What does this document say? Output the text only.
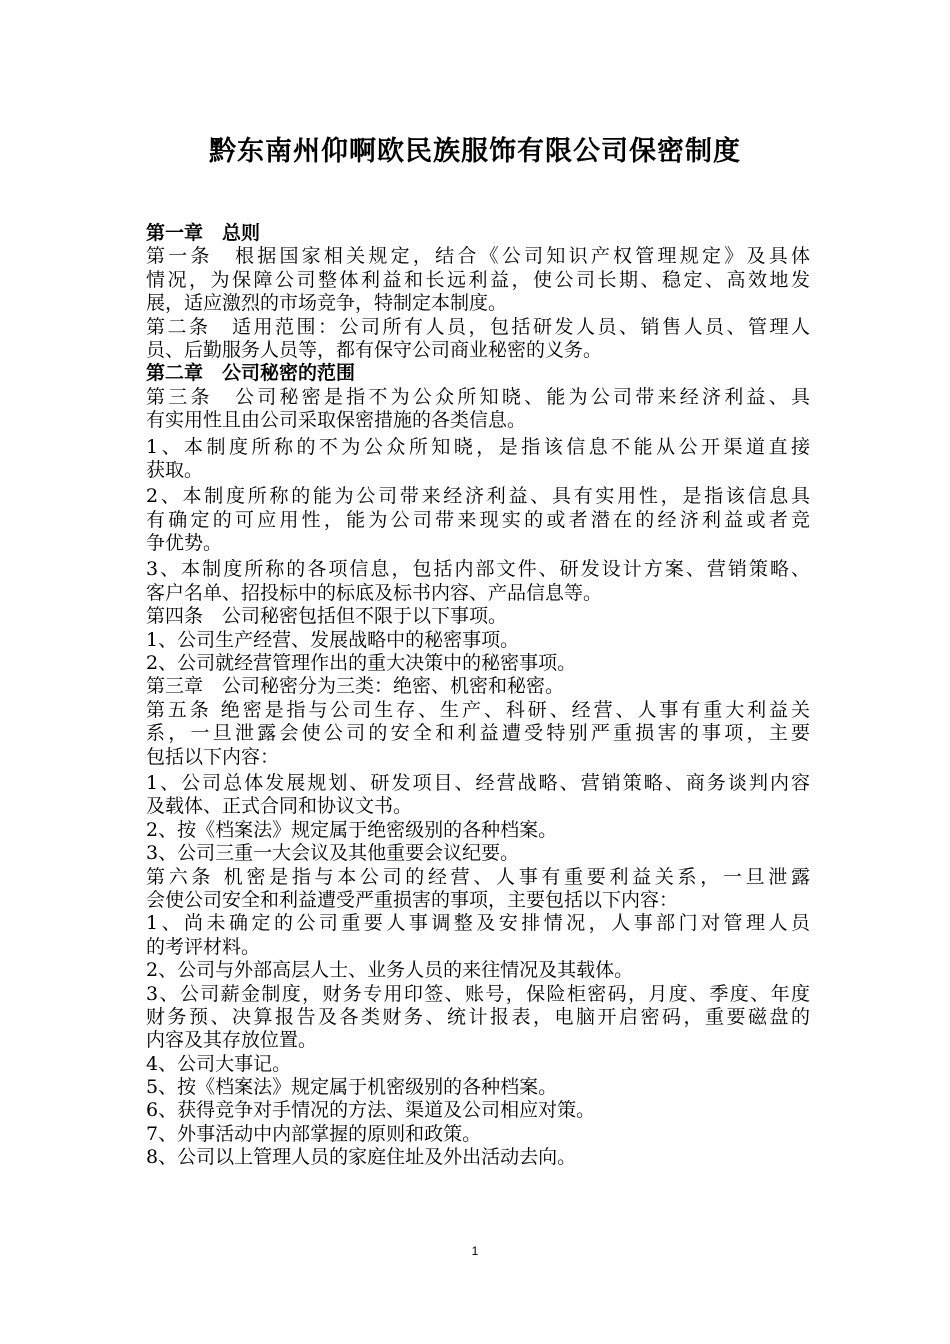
黔东南州仰啊欧民族服饰有限公司保密制度
第一章　总则
第一条　根据国家相关规定，结合《公司知识产权管理规定》及具体
情况，为保障公司整体利益和长远利益，使公司长期、稳定、高效地发
展，适应激烈的市场竞争，特制定本制度。
第二条　适用范围：公司所有人员，包括研发人员、销售人员、管理人
员、后勤服务人员等，都有保守公司商业秘密的义务。
第二章　公司秘密的范围
第三条　公司秘密是指不为公众所知晓、能为公司带来经济利益、具
有实用性且由公司采取保密措施的各类信息。
1、本制度所称的不为公众所知晓，是指该信息不能从公开渠道直接
获取。
2、本制度所称的能为公司带来经济利益、具有实用性，是指该信息具
有确定的可应用性，能为公司带来现实的或者潜在的经济利益或者竞
争优势。
3、本制度所称的各项信息，包括内部文件、研发设计方案、营销策略、
客户名单、招投标中的标底及标书内容、产品信息等。
第四条　公司秘密包括但不限于以下事项。
1、公司生产经营、发展战略中的秘密事项。
2、公司就经营管理作出的重大决策中的秘密事项。
第三章　公司秘密分为三类：绝密、机密和秘密。
第五条 绝密是指与公司生存、生产、科研、经营、人事有重大利益关
系，一旦泄露会使公司的安全和利益遭受特别严重损害的事项，主要
包括以下内容：
1、公司总体发展规划、研发项目、经营战略、营销策略、商务谈判内容
及载体、正式合同和协议文书。
2、按《档案法》规定属于绝密级别的各种档案。
3、公司三重一大会议及其他重要会议纪要。
第六条 机密是指与本公司的经营、人事有重要利益关系，一旦泄露
会使公司安全和利益遭受严重损害的事项，主要包括以下内容：
1、尚未确定的公司重要人事调整及安排情况，人事部门对管理人员
的考评材料。
2、公司与外部高层人士、业务人员的来往情况及其载体。
3、公司薪金制度，财务专用印签、账号，保险柜密码，月度、季度、年度
财务预、决算报告及各类财务、统计报表，电脑开启密码，重要磁盘的
内容及其存放位置。
4、公司大事记。
5、按《档案法》规定属于机密级别的各种档案。
6、获得竞争对手情况的方法、渠道及公司相应对策。
7、外事活动中内部掌握的原则和政策。
8、公司以上管理人员的家庭住址及外出活动去向。
1
